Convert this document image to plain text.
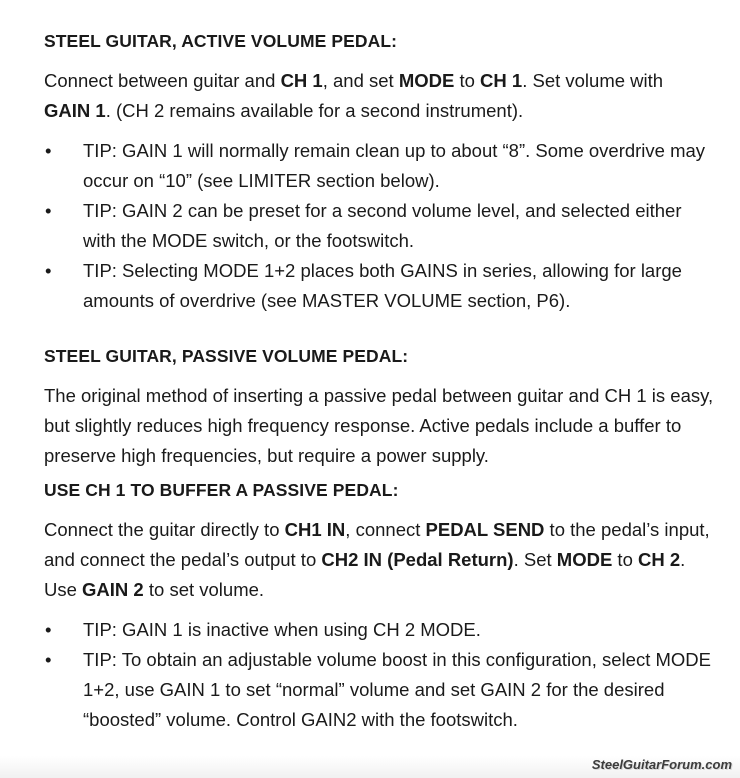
STEEL GUITAR, ACTIVE VOLUME PEDAL:

Connect between guitar and CH 1, and set MODE to CH 1. Set volume with GAIN 1. (CH 2 remains available for a second instrument).

• TIP: GAIN 1 will normally remain clean up to about “8”. Some overdrive may occur on “10” (see LIMITER section below).
• TIP: GAIN 2 can be preset for a second volume level, and selected either with the MODE switch, or the footswitch.
• TIP: Selecting MODE 1+2 places both GAINS in series, allowing for large amounts of overdrive (see MASTER VOLUME section, P6).
STEEL GUITAR, PASSIVE VOLUME PEDAL:

The original method of inserting a passive pedal between guitar and CH 1 is easy, but slightly reduces high frequency response. Active pedals include a buffer to preserve high frequencies, but require a power supply.

USE CH 1 TO BUFFER A PASSIVE PEDAL:

Connect the guitar directly to CH1 IN, connect PEDAL SEND to the pedal’s input, and connect the pedal’s output to CH2 IN (Pedal Return). Set MODE to CH 2. Use GAIN 2 to set volume.

• TIP: GAIN 1 is inactive when using CH 2 MODE.
• TIP: To obtain an adjustable volume boost in this configuration, select MODE 1+2, use GAIN 1 to set “normal” volume and set GAIN 2 for the desired “boosted” volume. Control GAIN2 with the footswitch.
SteelGuitarForum.com
